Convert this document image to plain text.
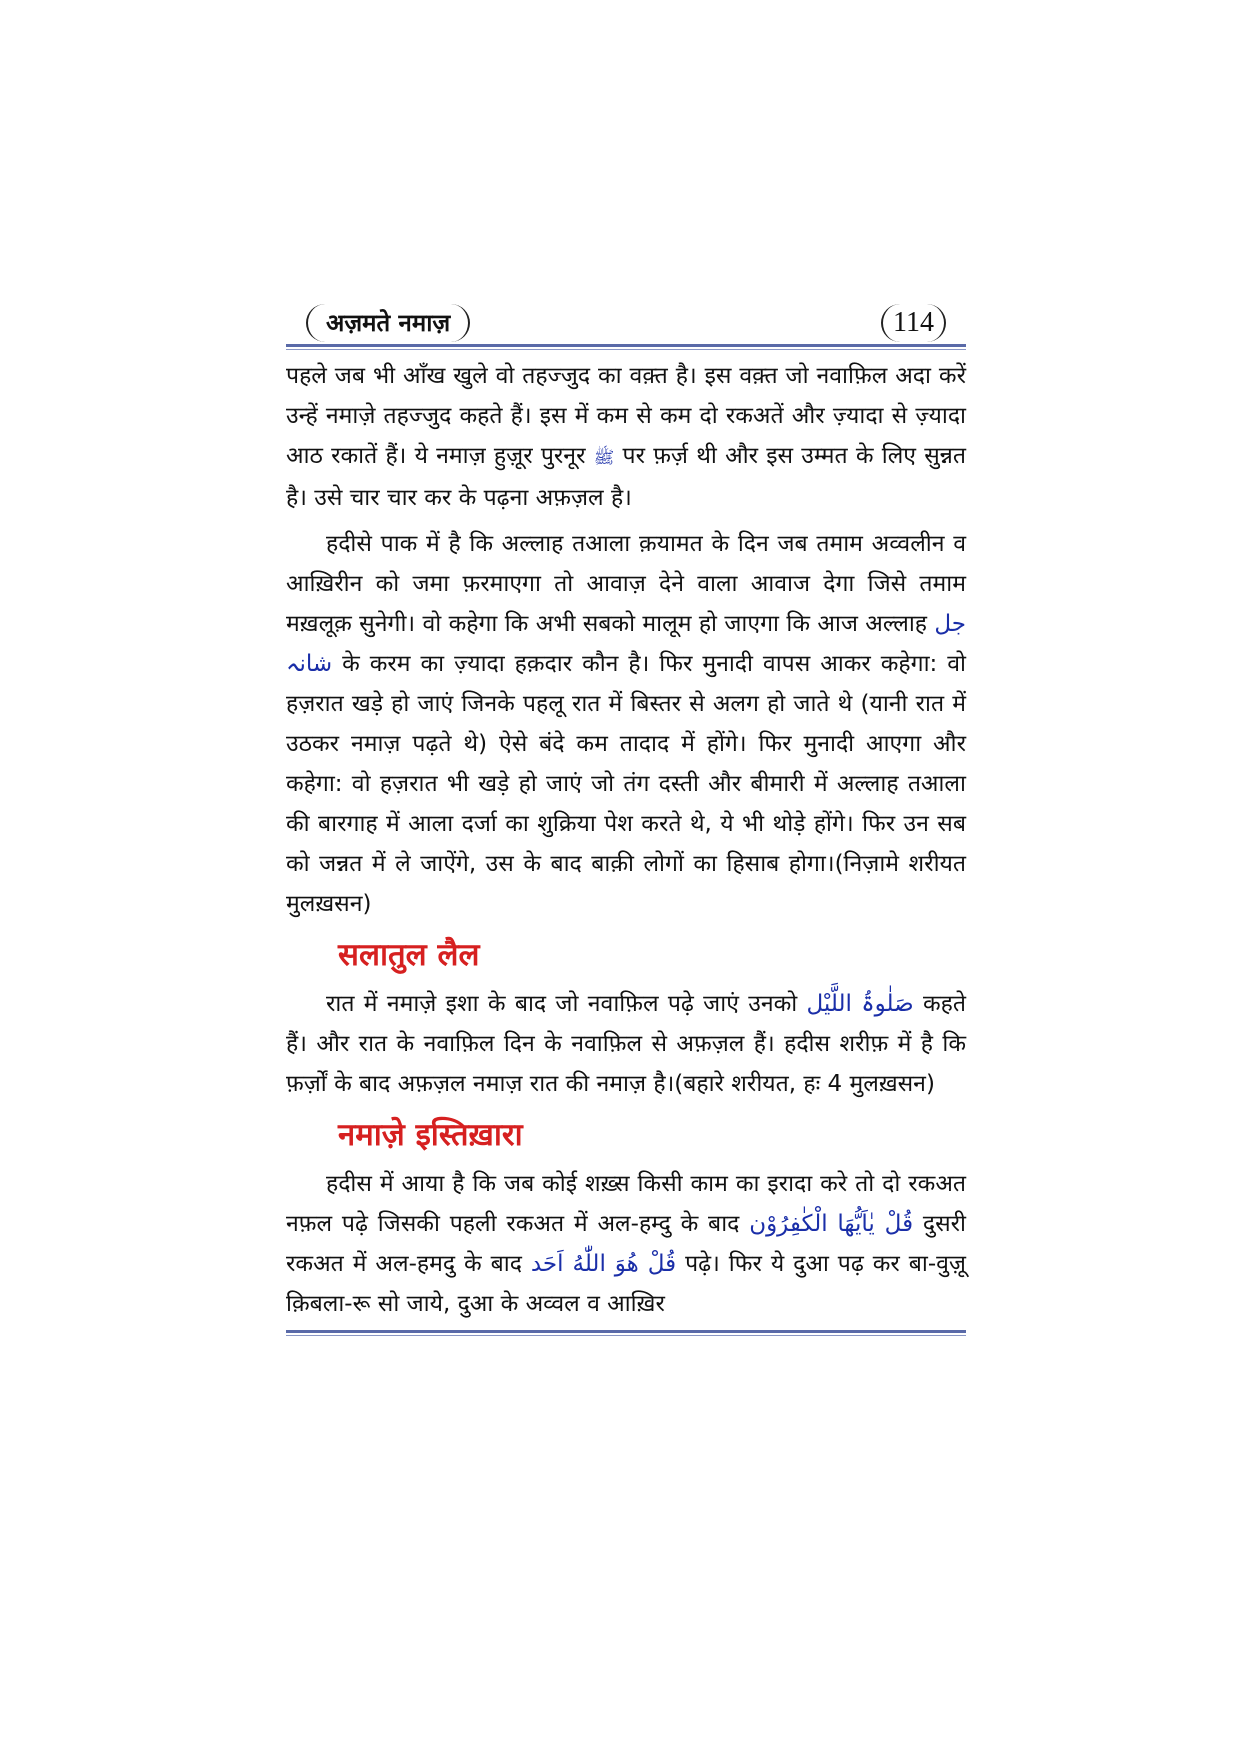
अज़मते नमाज़	114

पहले जब भी आँख खुले वो तहज्जुद का वक़्त है। इस वक़्त जो नवाफ़िल अदा करें उन्हें नमाज़े तहज्जुद कहते हैं। इस में कम से कम दो रकअतें और ज़्यादा से ज़्यादा आठ रकातें हैं। ये नमाज़ हुज़ूर पुरनूर ﷺ पर फ़र्ज़ थी और इस उम्मत के लिए सुन्नत है। उसे चार चार कर के पढ़ना अफ़ज़ल है।

हदीसे पाक में है कि अल्लाह तआला क़यामत के दिन जब तमाम अव्वलीन व आख़िरीन को जमा फ़रमाएगा तो आवाज़ देने वाला आवाज देगा जिसे तमाम मख़लूक़ सुनेगी। वो कहेगा कि अभी सबको मालूम हो जाएगा कि आज अल्लाह جل شانہ के करम का ज़्यादा हक़दार कौन है। फिर मुनादी वापस आकर कहेगा: वो हज़रात खड़े हो जाएं जिनके पहलू रात में बिस्तर से अलग हो जाते थे (यानी रात में उठकर नमाज़ पढ़ते थे) ऐसे बंदे कम तादाद में होंगे। फिर मुनादी आएगा और कहेगा: वो हज़रात भी खड़े हो जाएं जो तंग दस्ती और बीमारी में अल्लाह तआला की बारगाह में आला दर्जा का शुक्रिया पेश करते थे, ये भी थोड़े होंगे। फिर उन सब को जन्नत में ले जाऐंगे, उस के बाद बाक़ी लोगों का हिसाब होगा।(निज़ामे शरीयत मुलख़सन)

सलातुल लैल

रात में नमाज़े इशा के बाद जो नवाफ़िल पढ़े जाएं उनको صَلٰوۃُ اللَّیْل कहते हैं। और रात के नवाफ़िल दिन के नवाफ़िल से अफ़ज़ल हैं। हदीस शरीफ़ में है कि फ़र्ज़ों के बाद अफ़ज़ल नमाज़ रात की नमाज़ है।(बहारे शरीयत, हः 4 मुलख़सन)

नमाज़े इस्तिख़ारा

हदीस में आया है कि जब कोई शख़्स किसी काम का इरादा करे तो दो रकअत नफ़ल पढ़े जिसकी पहली रकअत में अल-हम्दु के बाद قُلْ يٰاَيُّهَا الْكٰفِرُوْن दुसरी रकअत में अल-हमदु के बाद قُلْ هُوَ اللّٰهُ اَحَد पढ़े। फिर ये दुआ पढ़ कर बा-वुज़ू क़िबला-रू सो जाये, दुआ के अव्वल व आख़िर
